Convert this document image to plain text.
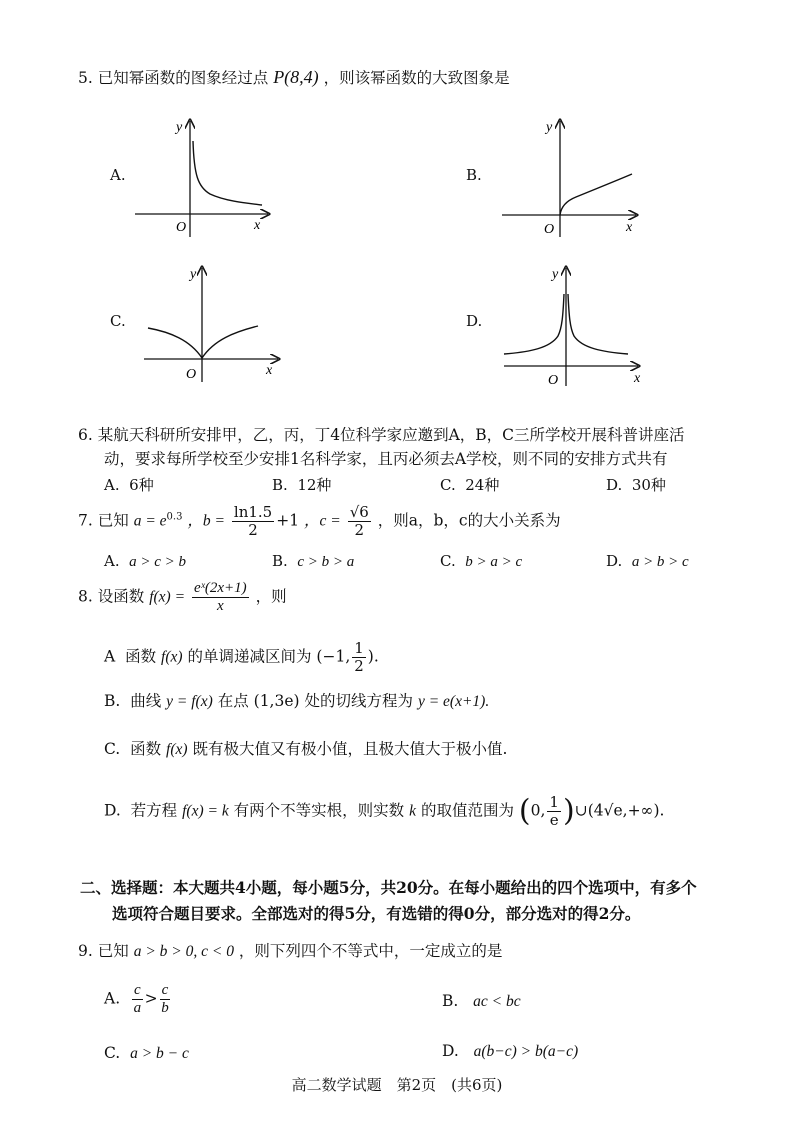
5. 已知幂函数的图象经过点 P(8,4) ，则该幂函数的大致图象是
A.	B.
C.	D.
y
x
O
y
x
O
y
x
O
y
x
O
6. 某航天科研所安排甲，乙，丙，丁4位科学家应邀到A，B，C三所学校开展科普讲座活
动，要求每所学校至少安排1名科学家，且丙必须去A学校，则不同的安排方式共有
A. 6种	B. 12种	C. 24种	D. 30种
7. 已知 $a = e^{0.3}$ ，$b = \frac{\ln 1.5}{2} +1$ ，$c = \frac{√6}{2}$ ，则a，b，c的大小关系为
A. a > c > b	B. c > b > a	C. b > a > c	D. a > b > c
8. 设函数 $f(x) = \frac{\text{eˣ(2x+1)}}{x}$ ，则
A 函数 f(x) 的单调递减区间为 (−1, $\frac{1}{2}$ ).
B. 曲线 y = f(x) 在点 (1,3e) 处的切线方程为 y = e(x+1).
C. 函数 f(x) 既有极大值又有极小值，且极大值大于极小值.
D. 若方程 f(x) = k 有两个不等实根，则实数 k 的取值范围为 (0, $\frac{1}{e}$ )∪(4√e,+∞).
二、选择题：本大题共4小题，每小题5分，共20分。在每小题给出的四个选项中，有多个
选项符合题目要求。全部选对的得5分，有选错的得0分，部分选对的得2分。
9. 已知 a > b > 0, c < 0 ，则下列四个不等式中，一定成立的是
A. $\frac{c}{a} > \frac{c}{b}$	B. ac < bc
C. a > b − c	D. a(b−c) > b(a−c)
高二数学试题　第2页　(共6页)
